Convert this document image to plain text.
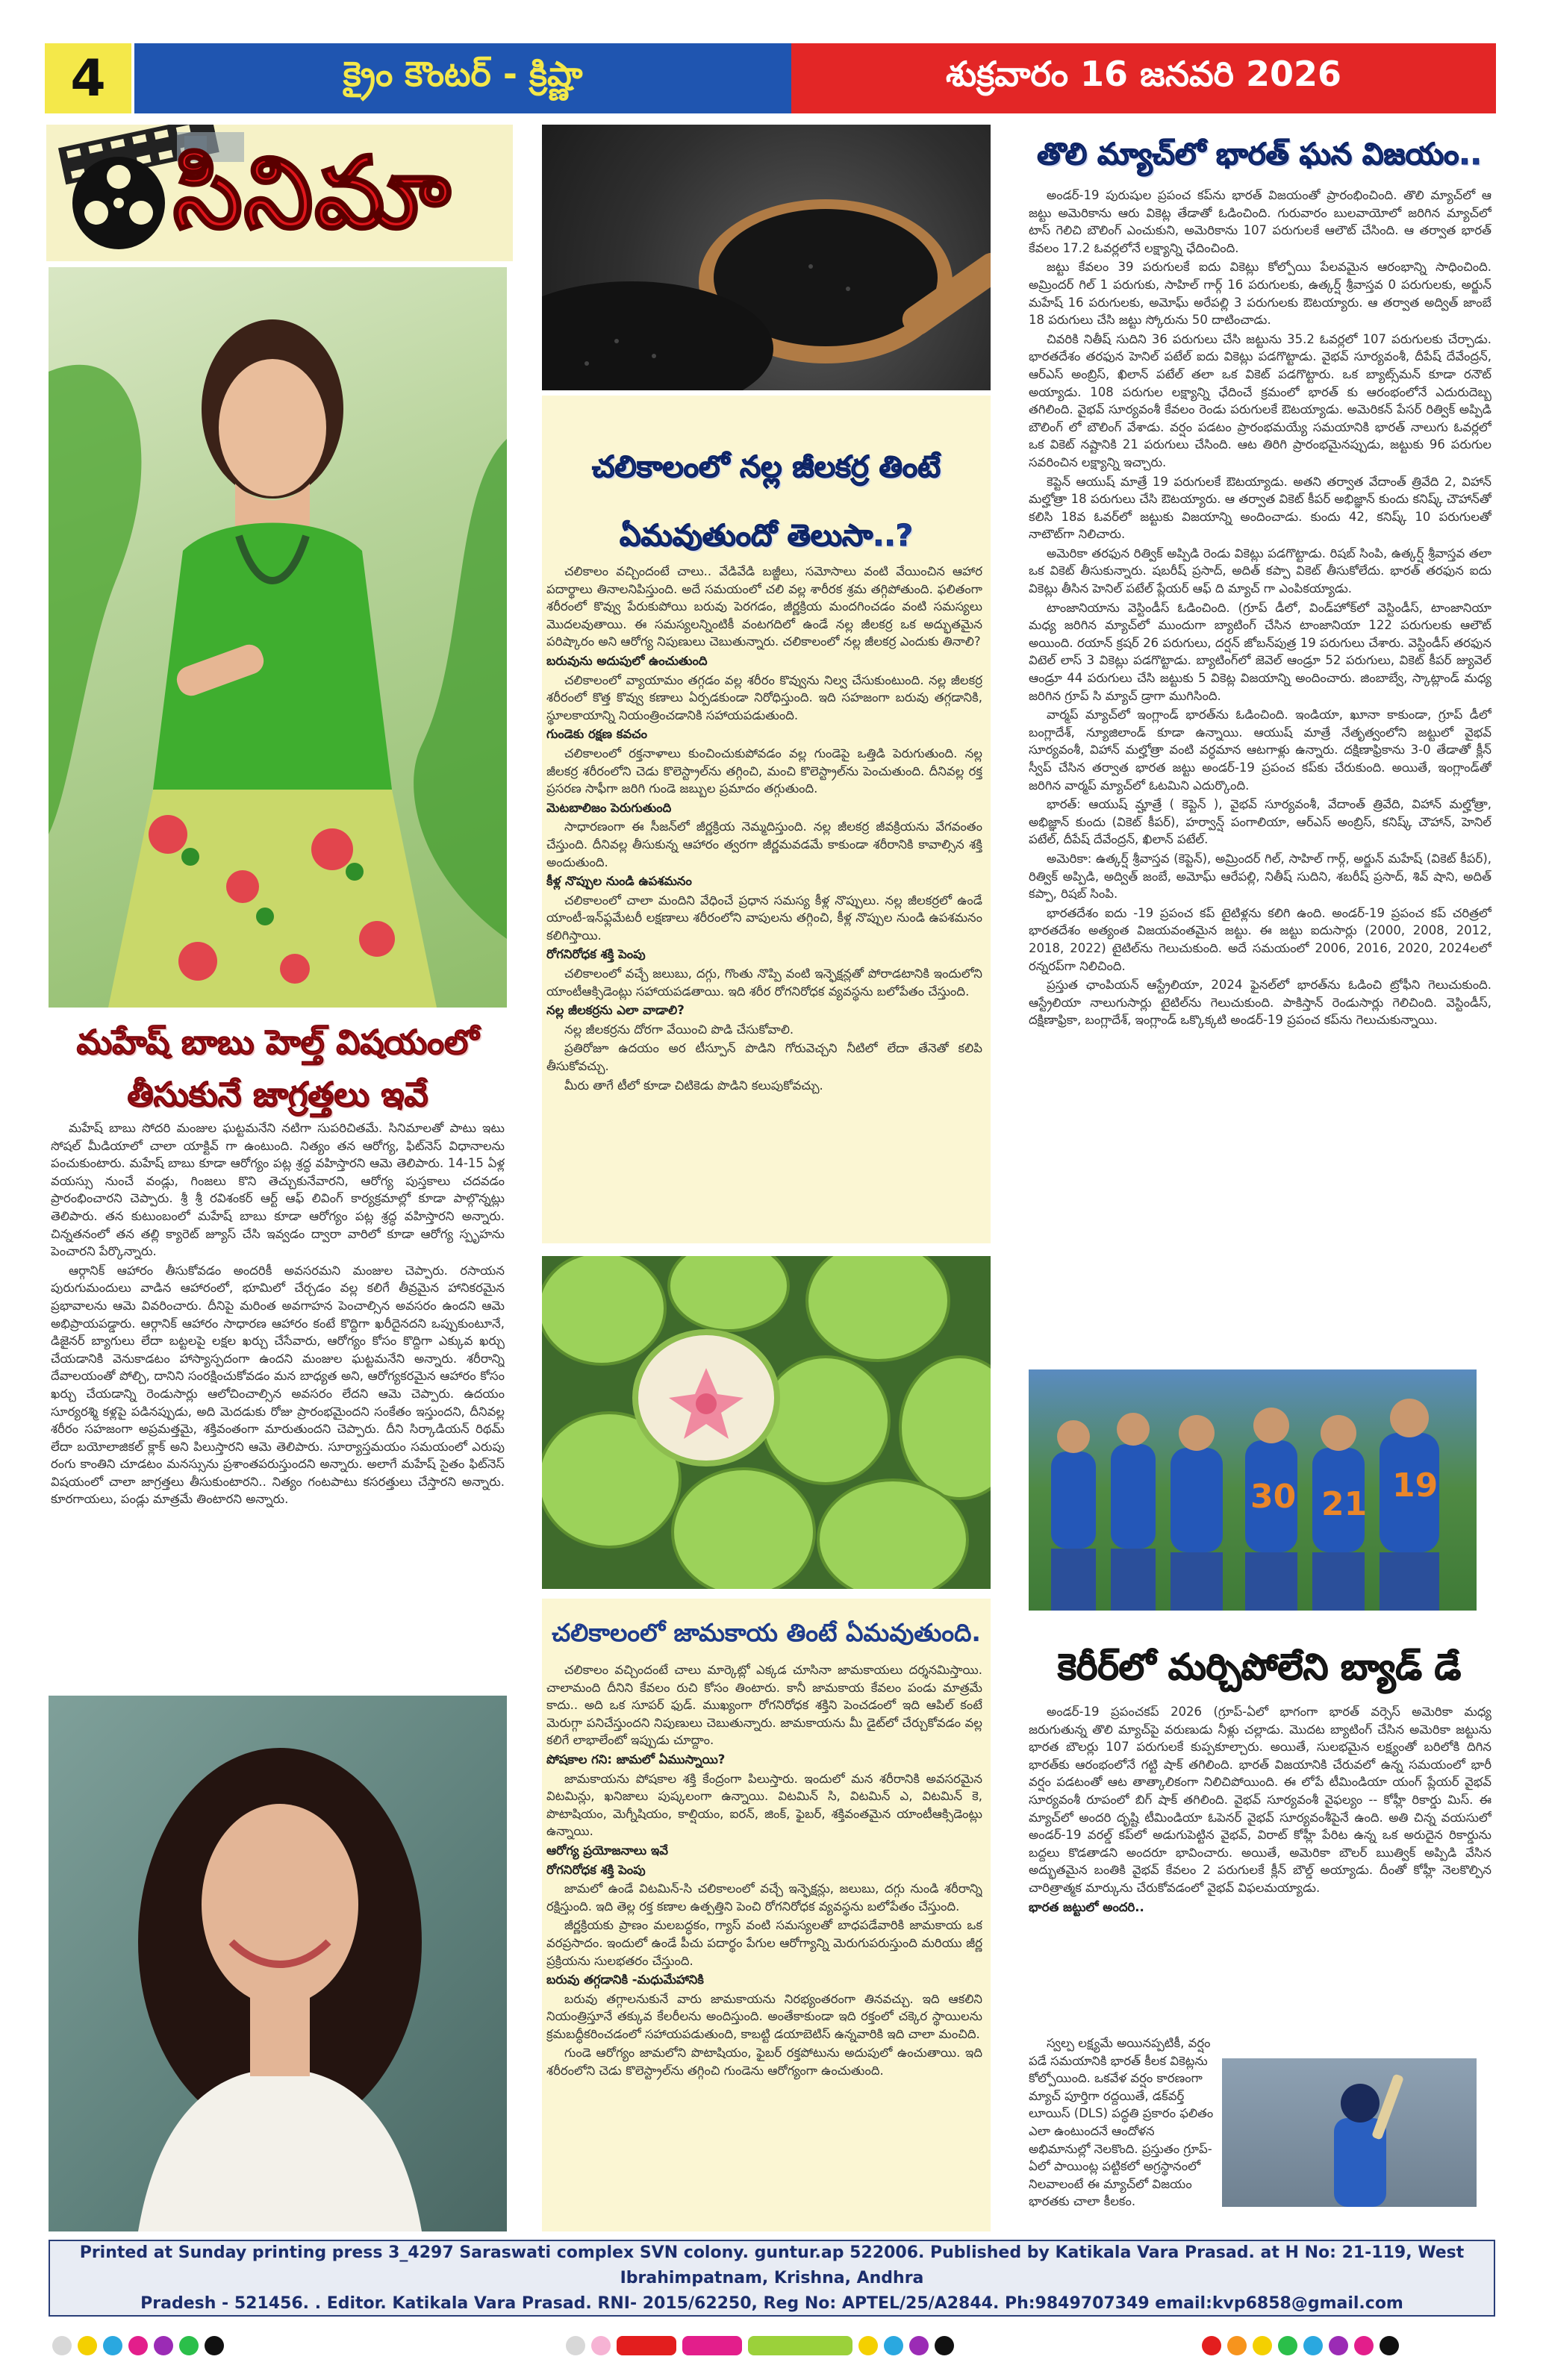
4	క్రైం కౌంటర్ - క్రిష్ణా	శుక్రవారం 16 జనవరి 2026
సినిమా
మహేష్ బాబు హెల్త్ విషయంలో
తీసుకునే జాగ్రత్తలు ఇవే

మహేష్ బాబు సోదరి మంజుల ఘట్టమనేని నటిగా సుపరిచితమే. సినిమాలతో పాటు ఇటు సోషల్ మీడియాలో చాలా యాక్టివ్ గా ఉంటుంది. నిత్యం తన ఆరోగ్య, ఫిట్‌నెస్ విధానాలను పంచుకుంటారు. మహేష్ బాబు కూడా ఆరోగ్యం పట్ల శ్రద్ధ వహిస్తారని ఆమె తెలిపారు. 14-15 ఏళ్ల వయస్సు నుంచే వండ్లు, గింజలు కొని తెచ్చుకునేవారని, ఆరోగ్య పుస్తకాలు చదవడం ప్రారంభించారని చెప్పారు. శ్రీ శ్రీ రవిశంకర్ ఆర్ట్ ఆఫ్ లివింగ్ కార్యక్రమాల్లో కూడా పాల్గొన్నట్లు తెలిపారు. తన కుటుంబంలో మహేష్ బాబు కూడా ఆరోగ్యం పట్ల శ్రద్ధ వహిస్తారని అన్నారు. చిన్నతనంలో తన తల్లి క్యారెట్ జ్యూస్ చేసి ఇవ్వడం ద్వారా వారిలో కూడా ఆరోగ్య స్పృహను పెంచారని పేర్కొన్నారు.

ఆర్గానిక్ ఆహారం తీసుకోవడం అందరికీ అవసరమని మంజుల చెప్పారు. రసాయన పురుగుమందులు వాడిన ఆహారంలో, భూమిలో చేర్చడం వల్ల కలిగే తీవ్రమైన హానికరమైన ప్రభావాలను ఆమె వివరించారు. దీనిపై మరింత అవగాహన పెంచాల్సిన అవసరం ఉందని ఆమె అభిప్రాయపడ్డారు. ఆర్గానిక్ ఆహారం సాధారణ ఆహారం కంటే కొద్దిగా ఖరీదైనదని ఒప్పుకుంటూనే, డిజైనర్ బ్యాగులు లేదా బట్టలపై లక్షల ఖర్చు చేసేవారు, ఆరోగ్యం కోసం కొద్దిగా ఎక్కువ ఖర్చు చేయడానికి వెనుకాడటం హాస్యాస్పదంగా ఉందని మంజుల ఘట్టమనేని అన్నారు. శరీరాన్ని దేవాలయంతో పోల్చి, దానిని సంరక్షించుకోవడం మన బాధ్యత అని, ఆరోగ్యకరమైన ఆహారం కోసం ఖర్చు చేయడాన్ని రెండుసార్లు ఆలోచించాల్సిన అవసరం లేదని ఆమె చెప్పారు. ఉదయం సూర్యరశ్మి కళ్లపై పడినప్పుడు, అది మెదడుకు రోజు ప్రారంభమైందని సంకేతం ఇస్తుందని, దీనివల్ల శరీరం సహజంగా అప్రమత్తమై, శక్తివంతంగా మారుతుందని చెప్పారు. దీని సిర్కాడియన్ రిథమ్ లేదా బయోలాజికల్ క్లాక్ అని పిలుస్తారని ఆమె తెలిపారు. సూర్యాస్తమయం సమయంలో ఎరుపు రంగు కాంతిని చూడటం మనస్సును ప్రశాంతపరుస్తుందని అన్నారు. అలాగే మహేష్ సైతం ఫిట్‌నెస్ విషయంలో చాలా జాగ్రత్తలు తీసుకుంటారని.. నిత్యం గంటపాటు కసరత్తులు చేస్తారని అన్నారు. కూరగాయలు, పండ్లు మాత్రమే తింటారని అన్నారు.

చలికాలంలో నల్ల జీలకర్ర తింటే
ఏమవుతుందో తెలుసా..?

చలికాలం వచ్చిందంటే చాలు.. వేడివేడి బజ్జీలు, సమోసాలు వంటి వేయించిన ఆహార పదార్థాలు తినాలనిపిస్తుంది. అదే సమయంలో చలి వల్ల శారీరక శ్రమ తగ్గిపోతుంది. ఫలితంగా శరీరంలో కొవ్వు పేరుకుపోయి బరువు పెరగడం, జీర్ణక్రియ మందగించడం వంటి సమస్యలు మొదలవుతాయి. ఈ సమస్యలన్నింటికీ వంటగదిలో ఉండే నల్ల జీలకర్ర ఒక అద్భుతమైన పరిష్కారం అని ఆరోగ్య నిపుణులు చెబుతున్నారు. చలికాలంలో నల్ల జీలకర్ర ఎందుకు తినాలి?

బరువును అదుపులో ఉంచుతుంది

చలికాలంలో వ్యాయామం తగ్గడం వల్ల శరీరం కొవ్వును నిల్వ చేసుకుంటుంది. నల్ల జీలకర్ర శరీరంలో కొత్త కొవ్వు కణాలు ఏర్పడకుండా నిరోధిస్తుంది. ఇది సహజంగా బరువు తగ్గడానికి, స్థూలకాయాన్ని నియంత్రించడానికి సహాయపడుతుంది.

గుండెకు రక్షణ కవచం

చలికాలంలో రక్తనాళాలు కుంచించుకుపోవడం వల్ల గుండెపై ఒత్తిడి పెరుగుతుంది. నల్ల జీలకర్ర శరీరంలోని చెడు కొలెస్ట్రాల్‌ను తగ్గించి, మంచి కొలెస్ట్రాల్‌ను పెంచుతుంది. దీనివల్ల రక్త ప్రసరణ సాఫీగా జరిగి గుండె జబ్బుల ప్రమాదం తగ్గుతుంది.

మెటబాలిజం పెరుగుతుంది

సాధారణంగా ఈ సీజన్‌లో జీర్ణక్రియ నెమ్మదిస్తుంది. నల్ల జీలకర్ర జీవక్రియను వేగవంతం చేస్తుంది. దీనివల్ల తీసుకున్న ఆహారం త్వరగా జీర్ణమవడమే కాకుండా శరీరానికి కావాల్సిన శక్తి అందుతుంది.

కీళ్ల నొప్పుల నుండి ఉపశమనం

చలికాలంలో చాలా మందిని వేధించే ప్రధాన సమస్య కీళ్ల నొప్పులు. నల్ల జీలకర్రలో ఉండే యాంటీ-ఇన్‌ఫ్లమేటరీ లక్షణాలు శరీరంలోని వాపులను తగ్గించి, కీళ్ల నొప్పుల నుండి ఉపశమనం కలిగిస్తాయి.

రోగనిరోధక శక్తి పెంపు

చలికాలంలో వచ్చే జలుబు, దగ్గు, గొంతు నొప్పి వంటి ఇన్ఫెక్షన్లతో పోరాడటానికి ఇందులోని యాంటీఆక్సిడెంట్లు సహాయపడతాయి. ఇది శరీర రోగనిరోధక వ్యవస్థను బలోపేతం చేస్తుంది.

నల్ల జీలకర్రను ఎలా వాడాలి?

నల్ల జీలకర్రను దోరగా వేయించి పొడి చేసుకోవాలి.

ప్రతిరోజూ ఉదయం అర టీస్పూన్ పొడిని గోరువెచ్చని నీటిలో లేదా తేనెతో కలిపి తీసుకోవచ్చు.

మీరు తాగే టీలో కూడా చిటికెడు పొడిని కలుపుకోవచ్చు.

చలికాలంలో జామకాయ తింటే ఏమవుతుంది.

చలికాలం వచ్చిందంటే చాలు మార్కెట్లో ఎక్కడ చూసినా జామకాయలు దర్శనమిస్తాయి. చాలామంది దీనిని కేవలం రుచి కోసం తింటారు. కానీ జామకాయ కేవలం పండు మాత్రమే కాదు.. అది ఒక సూపర్ ఫుడ్. ముఖ్యంగా రోగనిరోధక శక్తిని పెంచడంలో ఇది ఆపిల్ కంటే మెరుగ్గా పనిచేస్తుందని నిపుణులు చెబుతున్నారు. జామకాయను మీ డైట్‌లో చేర్చుకోవడం వల్ల కలిగే లాభాలేంటో ఇప్పుడు చూద్దాం.

పోషకాల గని: జామలో ఏముస్నాయి?

జామకాయను పోషకాల శక్తి కేంద్రంగా పిలుస్తారు. ఇందులో మన శరీరానికి అవసరమైన విటమిన్లు, ఖనిజాలు పుష్కలంగా ఉన్నాయి. విటమిన్ సి, విటమిన్ ఎ, విటమిన్ కె, పొటాషియం, మెగ్నీషియం, కాల్షియం, ఐరన్, జింక్, ఫైబర్, శక్తివంతమైన యాంటీఆక్సిడెంట్లు ఉన్నాయి.

ఆరోగ్య ప్రయోజనాలు ఇవే

రోగనిరోధక శక్తి పెంపు

జామలో ఉండే విటమిన్-సి చలికాలంలో వచ్చే ఇన్ఫెక్షన్లు, జలుబు, దగ్గు నుండి శరీరాన్ని రక్షిస్తుంది. ఇది తెల్ల రక్త కణాల ఉత్పత్తిని పెంచి రోగనిరోధక వ్యవస్థను బలోపేతం చేస్తుంది.

జీర్ణక్రియకు ప్రాణం మలబద్ధకం, గ్యాస్ వంటి సమస్యలతో బాధపడేవారికి జామకాయ ఒక వరప్రసాదం. ఇందులో ఉండే పీచు పదార్థం పేగుల ఆరోగ్యాన్ని మెరుగుపరుస్తుంది మరియు జీర్ణ ప్రక్రియను సులభతరం చేస్తుంది.

బరువు తగ్గడానికి -మధుమేహానికి

బరువు తగ్గాలనుకునే వారు జామకాయను నిరభ్యంతరంగా తినవచ్చు. ఇది ఆకలిని నియంత్రిస్తూనే తక్కువ కేలరీలను అందిస్తుంది. అంతేకాకుండా ఇది రక్తంలో చక్కెర స్థాయిలను క్రమబద్ధీకరించడంలో సహాయపడుతుంది, కాబట్టి డయాబెటిస్ ఉన్నవారికి ఇది చాలా మంచిది.

గుండె ఆరోగ్యం జామలోని పొటాషియం, ఫైబర్ రక్తపోటును అదుపులో ఉంచుతాయి. ఇది శరీరంలోని చెడు కొలెస్ట్రాల్‌ను తగ్గించి గుండెను ఆరోగ్యంగా ఉంచుతుంది.

తొలి మ్యాచ్‌లో భారత్ ఘన విజయం..

అండర్-19 పురుషుల ప్రపంచ కప్‌ను భారత్ విజయంతో ప్రారంభించింది. తొలి మ్యాచ్‌లో ఆ జట్టు అమెరికాను ఆరు వికెట్ల తేడాతో ఓడించింది. గురువారం బులవాయోలో జరిగిన మ్యాచ్‌లో టాస్ గెలిచి బౌలింగ్ ఎంచుకుని, అమెరికాను 107 పరుగులకే ఆలౌట్ చేసింది. ఆ తర్వాత భారత్ కేవలం 17.2 ఓవర్లలోనే లక్ష్యాన్ని ఛేదించింది.

జట్టు కేవలం 39 పరుగులకే ఐదు వికెట్లు కోల్పోయి పేలవమైన ఆరంభాన్ని సాధించింది. అమ్రిందర్ గిల్ 1 పరుగుకు, సాహిల్ గార్గ్ 16 పరుగులకు, ఉత్కర్ష్ శ్రీవాస్తవ 0 పరుగులకు, అర్జున్ మహేష్ 16 పరుగులకు, అమోఘ్ అరేపల్లి 3 పరుగులకు ఔటయ్యారు. ఆ తర్వాత అద్విత్ జాంబే 18 పరుగులు చేసి జట్టు స్కోరును 50 దాటించాడు.

చివరికి నితీష్ సుదిని 36 పరుగులు చేసి జట్టును 35.2 ఓవర్లలో 107 పరుగులకు చేర్చాడు. భారతదేశం తరఫున హెనిల్ పటేల్ ఐదు వికెట్లు పడగొట్టాడు. వైభవ్ సూర్యవంశీ, దీపేష్ దేవేంద్రన్, ఆర్‌ఎస్ అంబ్రిస్, ఖిలాన్ పటేల్ తలా ఒక వికెట్ పడగొట్టారు. ఒక బ్యాట్స్‌మన్ కూడా రనౌట్ అయ్యాడు. 108 పరుగుల లక్ష్యాన్ని ఛేదించే క్రమంలో భారత్ కు ఆరంభంలోనే ఎదురుదెబ్బ తగిలింది. వైభవ్ సూర్యవంశీ కేవలం రెండు పరుగులకే ఔటయ్యాడు. అమెరికన్ పేసర్ రిత్విక్ అప్పిడి బౌలింగ్ లో బౌలింగ్ వేశాడు. వర్షం పడటం ప్రారంభమయ్యే సమయానికి భారత్ నాలుగు ఓవర్లలో ఒక వికెట్ నష్టానికి 21 పరుగులు చేసింది. ఆట తిరిగి ప్రారంభమైనప్పుడు, జట్టుకు 96 పరుగుల సవరించిన లక్ష్యాన్ని ఇచ్చారు.

కెప్టెన్ ఆయుష్ మాత్రే 19 పరుగులకే ఔటయ్యాడు. అతని తర్వాత వేదాంత్ త్రివేది 2, విహాన్ మల్హోత్రా 18 పరుగులు చేసి ఔటయ్యారు. ఆ తర్వాత వికెట్ కీపర్ అభిజ్ఞాన్ కుందు కనిష్క్ చౌహాన్‌తో కలిసి 18వ ఓవర్‌లో జట్టుకు విజయాన్ని అందించాడు. కుందు 42, కనిష్క్ 10 పరుగులతో నాటౌట్‌గా నిలిచారు.

అమెరికా తరఫున రిత్విక్ అప్పిడి రెండు వికెట్లు పడగొట్టాడు. రిషబ్ సింపి, ఉత్కర్ష్ శ్రీవాస్తవ తలా ఒక వికెట్ తీసుకున్నారు. షబరీష్ ప్రసాద్, అదిత్ కప్పా వికెట్ తీసుకోలేదు. భారత్ తరఫున ఐదు వికెట్లు తీసిన హెనిల్ పటేల్ ప్లేయర్ ఆఫ్ ది మ్యాచ్ గా ఎంపికయ్యాడు.

టాంజానియాను వెస్టిండీస్ ఓడించింది. (గ్రూప్ డీలో, విండ్‌హోక్‌లో వెస్టిండీస్, టాంజానియా మధ్య జరిగిన మ్యాచ్‌లో ముందుగా బ్యాటింగ్ చేసిన టాంజానియా 122 పరుగులకు ఆలౌట్ అయింది. రయాన్ క్రషర్ 26 పరుగులు, దర్షన్ జోబన్‌పుత్ర 19 పరుగులు చేశారు. వెస్టిండీస్ తరఫున విటెల్ లాస్ 3 వికెట్లు పడగొట్టాడు. బ్యాటింగ్‌లో జెవెల్ ఆండ్రూ 52 పరుగులు, వికెట్ కీపర్ జ్యువెల్ ఆండ్రూ 44 పరుగులు చేసి జట్టుకు 5 వికెట్ల విజయాన్ని అందించారు. జింబాబ్వే, స్కాట్లాండ్ మధ్య జరిగిన గ్రూప్ సి మ్యాచ్ డ్రాగా ముగిసింది.

వార్మప్ మ్యాచ్‌లో ఇంగ్లాండ్ భారత్‌ను ఓడించింది. ఇండియా, ఖూనా కాకుండా, గ్రూప్ డీలో బంగ్లాదేశ్, న్యూజిలాండ్ కూడా ఉన్నాయి. ఆయుష్ మాత్రే నేతృత్వంలోని జట్టులో వైభవ్ సూర్యవంశీ, విహాన్ మల్హోత్రా వంటి వర్ధమాన ఆటగాళ్లు ఉన్నారు. దక్షిణాఫ్రికాను 3-0 తేడాతో క్లీన్ స్వీప్ చేసిన తర్వాత భారత జట్టు అండర్-19 ప్రపంచ కప్‌కు చేరుకుంది. అయితే, ఇంగ్లాండ్‌తో జరిగిన వార్మప్ మ్యాచ్‌లో ఓటమిని ఎదుర్కొంది.

భారత్: ఆయుష్ మ్హాత్రే ( కెప్టెన్ ), వైభవ్ సూర్యవంశీ, వేదాంత్ త్రివేది, విహాన్ మల్హోత్రా, అభిజ్ఞాన్ కుందు (వికెట్ కీపర్), హర్వాన్ష్ పంగాలియా, ఆర్ఎస్ అంబ్రిస్, కనిష్క్ చౌహాన్, హెనిల్ పటేల్, దీపేష్ దేవేంద్రన్, ఖిలాన్ పటేల్.

అమెరికా: ఉత్కర్ష్ శ్రీవాస్తవ (కెప్టెన్), అమ్రిందర్ గిల్, సాహిల్ గార్గ్, అర్జున్ మహేష్ (వికెట్ కీపర్), రిత్విక్ అప్పిడి, అద్విత్ జంబే, అమోఘ్ ఆరేపల్లి, నితీష్ సుదిని, శబరీష్ ప్రసాద్, శివ్ షాని, అదిత్ కప్పా, రిషబ్ సింపి.

భారతదేశం ఐదు -19 ప్రపంచ కప్ టైటిళ్లను కలిగి ఉంది. అండర్-19 ప్రపంచ కప్ చరిత్రలో భారతదేశం అత్యంత విజయవంతమైన జట్టు. ఈ జట్టు ఐదుసార్లు (2000, 2008, 2012, 2018, 2022) టైటిల్‌ను గెలుచుకుంది. అదే సమయంలో 2006, 2016, 2020, 2024లలో రన్నరప్‌గా నిలిచింది.

ప్రస్తుత ఛాంపియన్ ఆస్ట్రేలియా, 2024 ఫైనల్‌లో భారత్‌ను ఓడించి ట్రోఫీని గెలుచుకుంది. ఆస్ట్రేలియా నాలుగుసార్లు టైటిల్‌ను గెలుచుకుంది. పాకిస్తాన్ రెండుసార్లు గెలిచింది. వెస్టిండీస్, దక్షిణాఫ్రికా, బంగ్లాదేశ్, ఇంగ్లాండ్ ఒక్కొక్కటి అండర్-19 ప్రపంచ కప్‌ను గెలుచుకున్నాయి.

30 21 19
కెరీర్‌లో మర్చిపోలేని బ్యాడ్ డే

అండర్-19 ప్రపంచకప్ 2026 (గ్రూప్-ఏలో భాగంగా భారత్ వర్సెస్ అమెరికా మధ్య జరుగుతున్న తొలి మ్యాచ్‌పై వరుణుడు నీళ్లు చల్లాడు. మొదట బ్యాటింగ్ చేసిన అమెరికా జట్టును భారత బౌలర్లు 107 పరుగులకే కుప్పకూల్చారు. అయితే, సులభమైన లక్ష్యంతో బరిలోకి దిగిన భారత్‌కు ఆరంభంలోనే గట్టి షాక్ తగిలింది. భారత్ విజయానికి చేరువలో ఉన్న సమయంలో భారీ వర్షం పడటంతో ఆట తాత్కాలికంగా నిలిచిపోయింది. ఈ లోపే టీమిండియా యంగ్ ప్లేయర్ వైభవ్ సూర్యవంశీ రూపంలో బిగ్ షాక్ తగిలింది. వైభవ్ సూర్యవంశీ వైఫల్యం -- కోహ్లీ రికార్డు మిస్. ఈ మ్యాచ్‌లో అందరి దృష్టి టీమిండియా ఓపెనర్ వైభవ్ సూర్యవంశీపైనే ఉంది. అతి చిన్న వయసులో అండర్-19 వరల్డ్ కప్‌లో అడుగుపెట్టిన వైభవ్, విరాట్ కోహ్లీ పేరిట ఉన్న ఒక అరుదైన రికార్డును బద్దలు కొడతాడని అందరూ భావించారు. అయితే, అమెరికా బౌలర్ ఋత్విక్ అప్పిడి వేసిన అద్భుతమైన బంతికి వైభవ్ కేవలం 2 పరుగులకే క్లీన్ బౌల్డ్ అయ్యాడు. దీంతో కోహ్లీ నెలకొల్పిన చారిత్రాత్మక మార్కును చేరుకోవడంలో వైభవ్ విఫలమయ్యాడు.

భారత జట్టులో అందరి..

స్వల్ప లక్ష్యమే అయినప్పటికీ, వర్షం పడే సమయానికి భారత్ కీలక వికెట్లను కోల్పోయింది. ఒకవేళ వర్షం కారణంగా మ్యాచ్ పూర్తిగా రద్దయితే, డక్‌వర్త్ లూయిస్ (DLS) పద్ధతి ప్రకారం ఫలితం ఎలా ఉంటుందనే ఆందోళన అభిమానుల్లో నెలకొంది. ప్రస్తుతం గ్రూప్-ఏలో పాయింట్ల పట్టికలో అగ్రస్థానంలో నిలవాలంటే ఈ మ్యాచ్‌లో విజయం భారతకు చాలా కీలకం.

Printed at Sunday printing press 3_4297 Saraswati complex SVN colony. guntur.ap 522006. Published by Katikala Vara Prasad. at H No: 21-119, West Ibrahimpatnam, Krishna, Andhra
Pradesh - 521456. . Editor. Katikala Vara Prasad. RNI- 2015/62250, Reg No: APTEL/25/A2844. Ph:9849707349 email:kvp6858@gmail.com
